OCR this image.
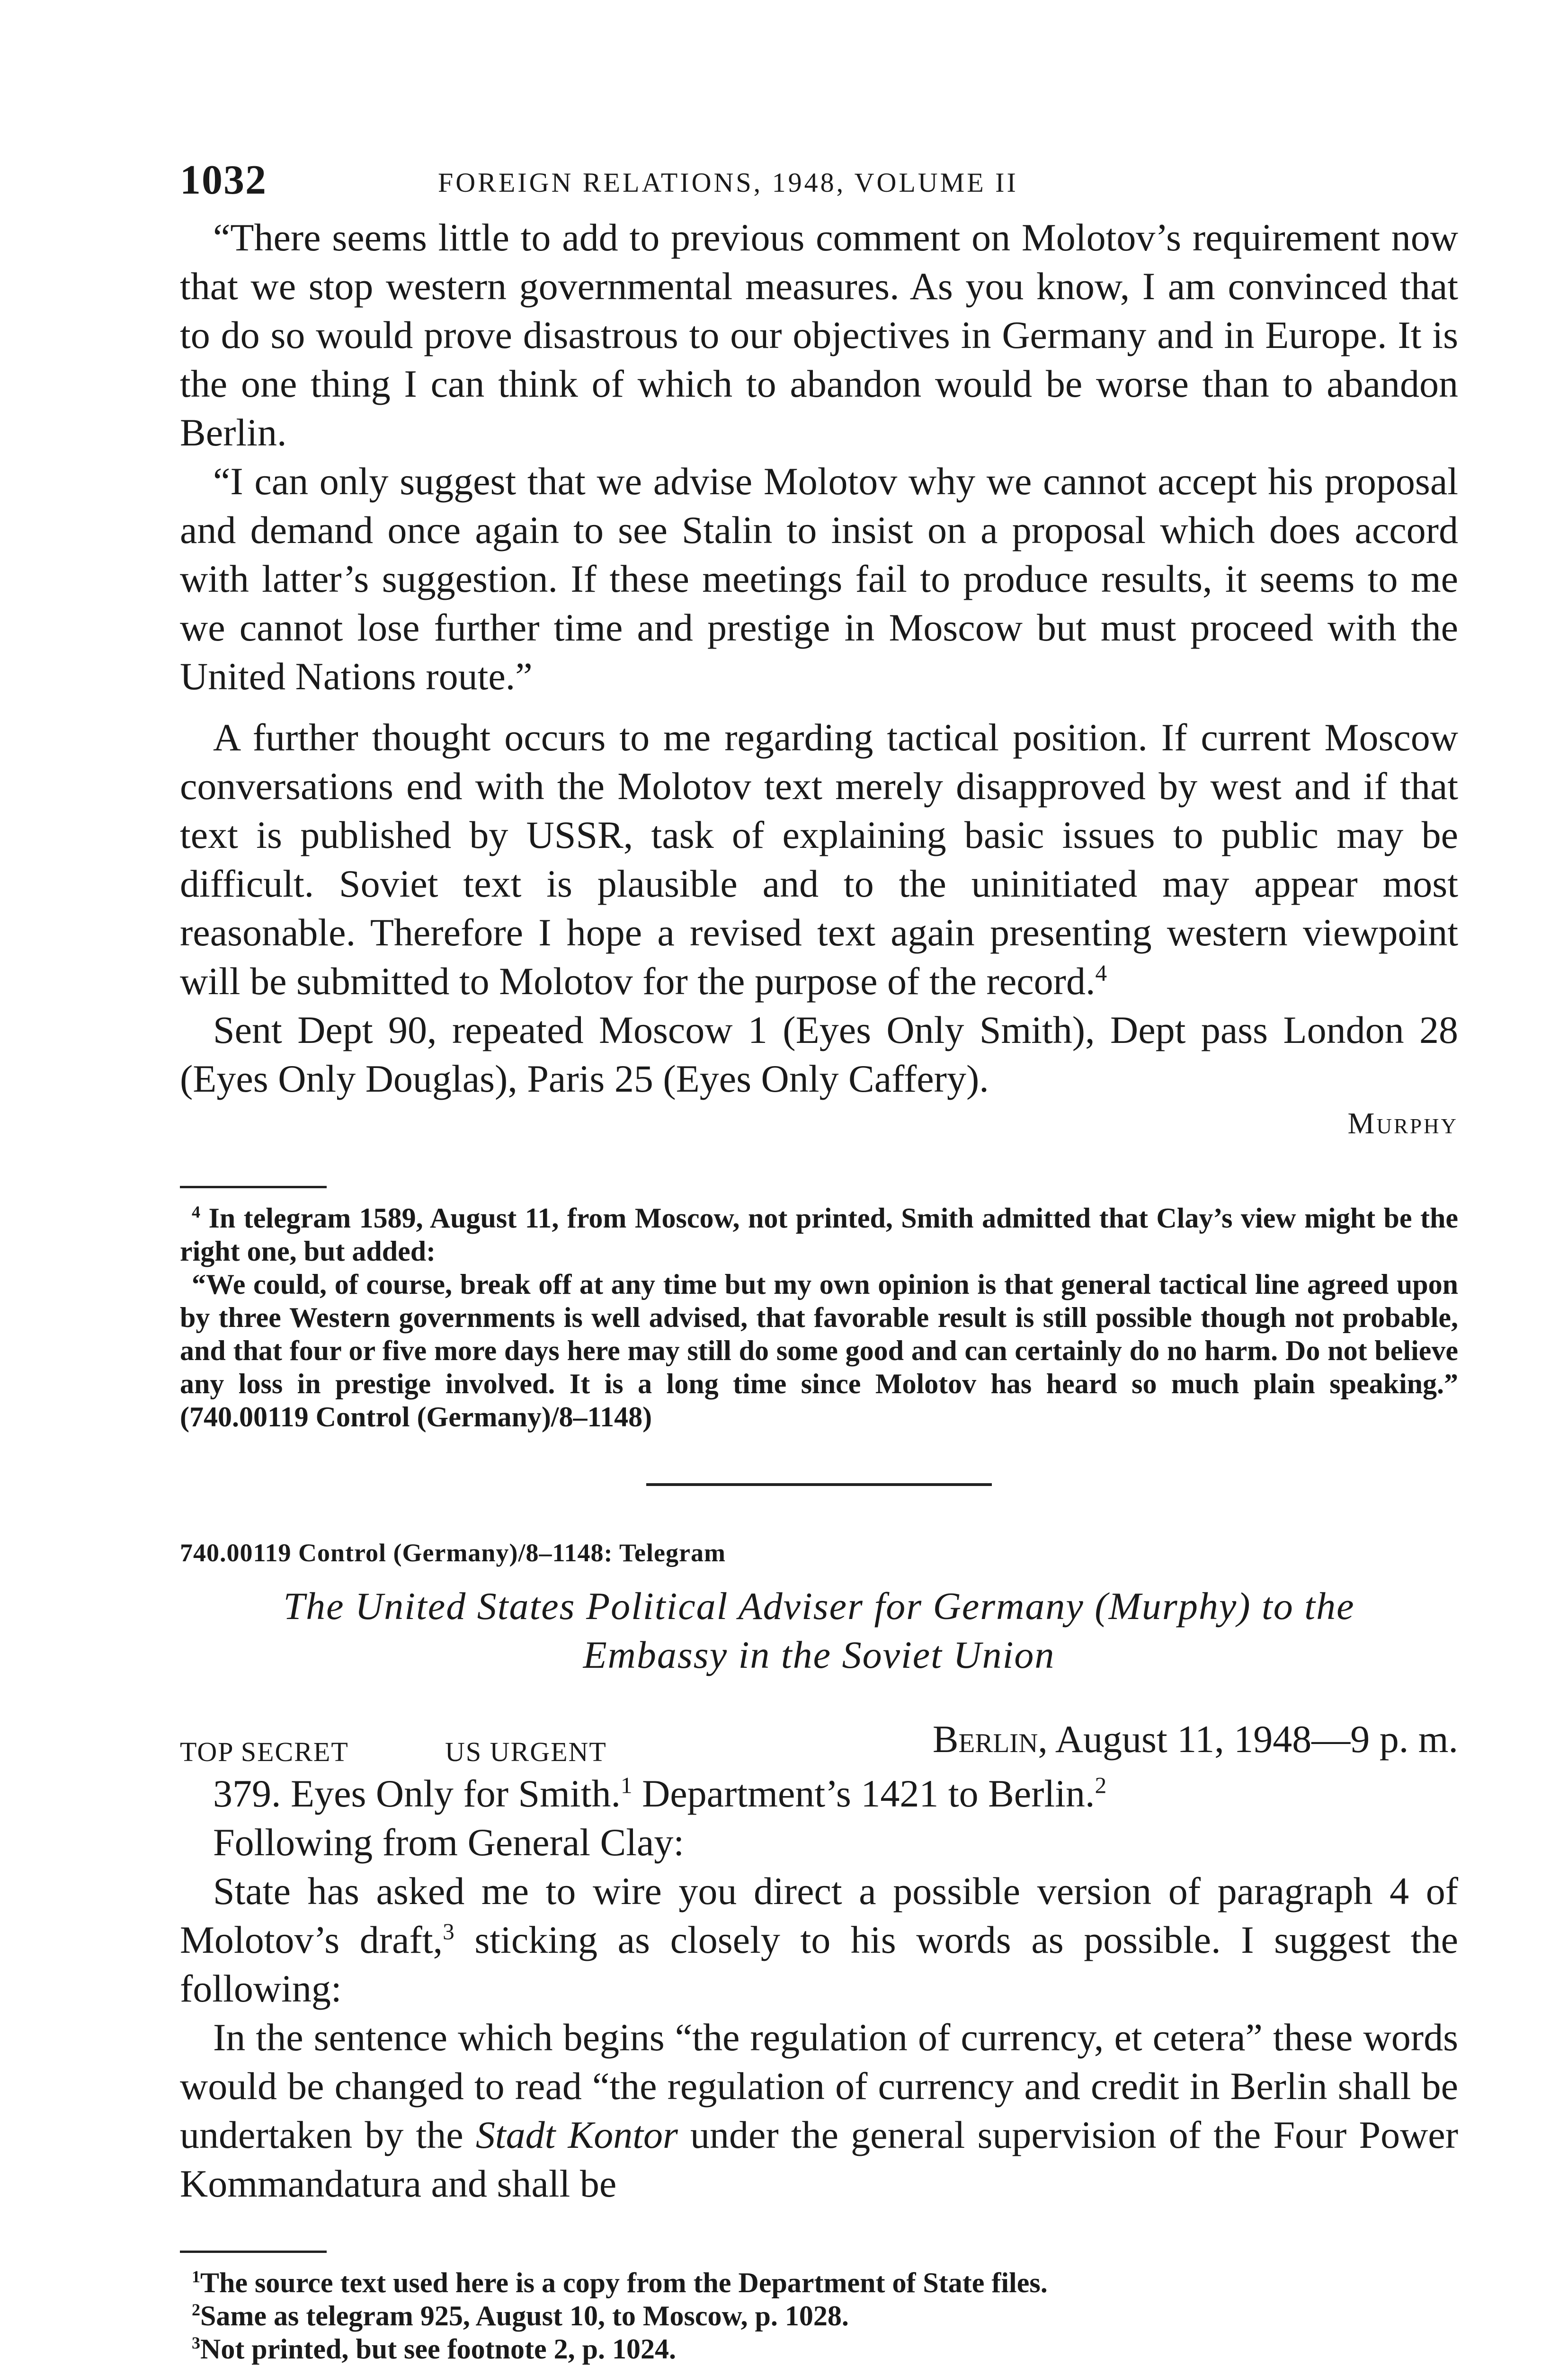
1032	FOREIGN RELATIONS, 1948, VOLUME II

“There seems little to add to previous comment on Molotov’s requirement now that we stop western governmental measures. As you know, I am convinced that to do so would prove disastrous to our objectives in Germany and in Europe. It is the one thing I can think of which to abandon would be worse than to abandon Berlin.

“I can only suggest that we advise Molotov why we cannot accept his proposal and demand once again to see Stalin to insist on a proposal which does accord with latter’s suggestion. If these meetings fail to produce results, it seems to me we cannot lose further time and prestige in Moscow but must proceed with the United Nations route.”

A further thought occurs to me regarding tactical position. If current Moscow conversations end with the Molotov text merely disapproved by west and if that text is published by USSR, task of explaining basic issues to public may be difficult. Soviet text is plausible and to the uninitiated may appear most reasonable. Therefore I hope a revised text again presenting western viewpoint will be submitted to Molotov for the purpose of the record.$^4$

Sent Dept 90, repeated Moscow 1 (Eyes Only Smith), Dept pass London 28 (Eyes Only Douglas), Paris 25 (Eyes Only Caffery).

Murphy

$^4$ In telegram 1589, August 11, from Moscow, not printed, Smith admitted that Clay’s view might be the right one, but added:

“We could, of course, break off at any time but my own opinion is that general tactical line agreed upon by three Western governments is well advised, that favorable result is still possible though not probable, and that four or five more days here may still do some good and can certainly do no harm. Do not believe any loss in prestige involved. It is a long time since Molotov has heard so much plain speaking.” (740.00119 Control (Germany)/8–1148)

740.00119 Control (Germany)/8–1148: Telegram

The United States Political Adviser for Germany (Murphy) to the
Embassy in the Soviet Union

TOP SECRET	US URGENT	Berlin, August 11, 1948—9 p. m.

379. Eyes Only for Smith.$^1$ Department’s 1421 to Berlin.$^2$

Following from General Clay:

State has asked me to wire you direct a possible version of paragraph 4 of Molotov’s draft,$^3$ sticking as closely to his words as possible. I suggest the following:

In the sentence which begins “the regulation of currency, et cetera” these words would be changed to read “the regulation of currency and credit in Berlin shall be undertaken by the Stadt Kontor under the general supervision of the Four Power Kommandatura and shall be

$^1$The source text used here is a copy from the Department of State files.

$^2$Same as telegram 925, August 10, to Moscow, p. 1028.

$^3$Not printed, but see footnote 2, p. 1024.
